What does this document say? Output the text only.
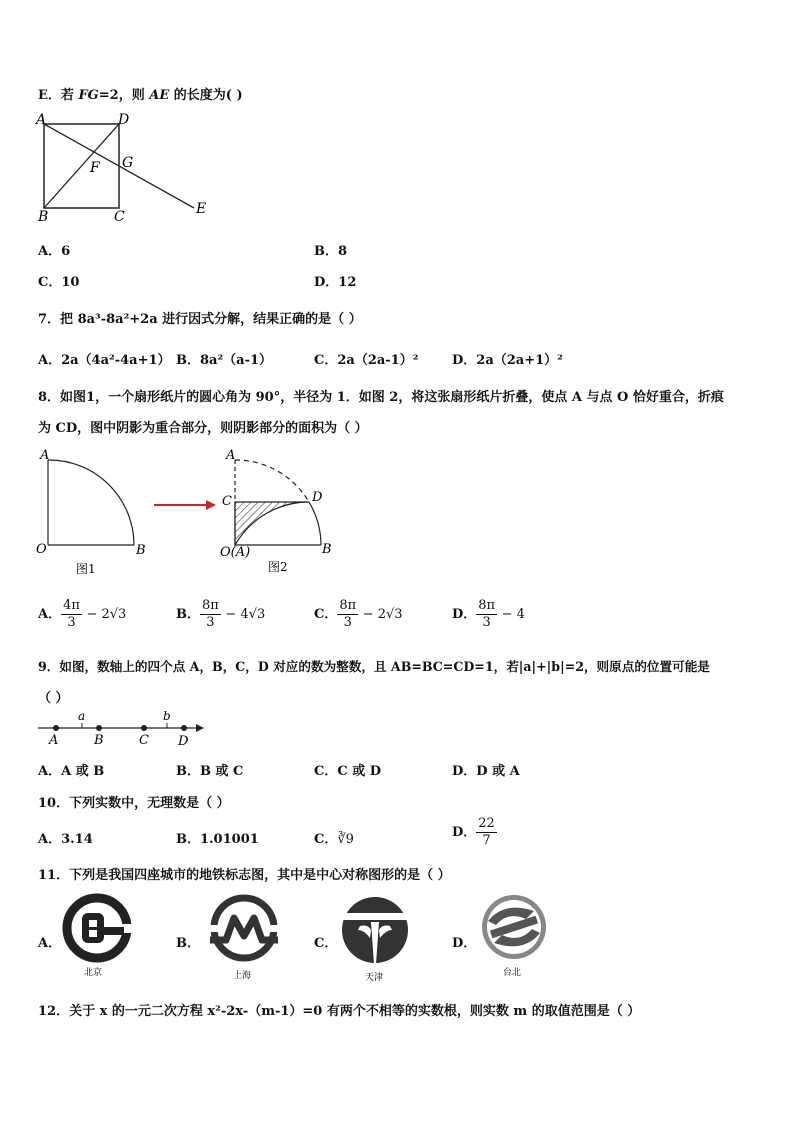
E．若 FG=2，则 AE 的长度为( )
A	D
F G
B	C	E
A．6	B．8
C．10	D．12
7．把 8a³-8a²+2a 进行因式分解，结果正确的是（ ）
A．2a（4a²-4a+1） B．8a²（a-1）	C．2a（2a-1）²	D．2a（2a+1）²
8．如图1，一个扇形纸片的圆心角为 90°，半径为 1．如图 2，将这张扇形纸片折叠，使点 A 与点 O 恰好重合，折痕
为 CD，图中阴影为重合部分，则阴影部分的面积为（ ）
A
O	B
图1
A
C	D
O(A)	B
图2
A． $\frac{4\pi}{3} - 2√3$	B． $\frac{8\pi}{3} - 4√3$	C． $\frac{8\pi}{3} - 2√3$	D． $\frac{8\pi}{3} - 4$
9．如图，数轴上的四个点 A，B，C，D 对应的数为整数，且 AB=BC=CD=1，若|a|+|b|=2，则原点的位置可能是
（ ）
a	b
A	B	C D
A．A 或 B	B．B 或 C	C．C 或 D	D．D 或 A
10．下列实数中，无理数是（ ）
A．3.14	B．1.01001	C．∛9	D． $\frac{22}{7}$
11．下列是我国四座城市的地铁标志图，其中是中心对称图形的是（ ）
A．
北京
B．
上海
C．
天津
D．
台北
12．关于 x 的一元二次方程 x²-2x-（m-1）=0 有两个不相等的实数根，则实数 m 的取值范围是（ ）
